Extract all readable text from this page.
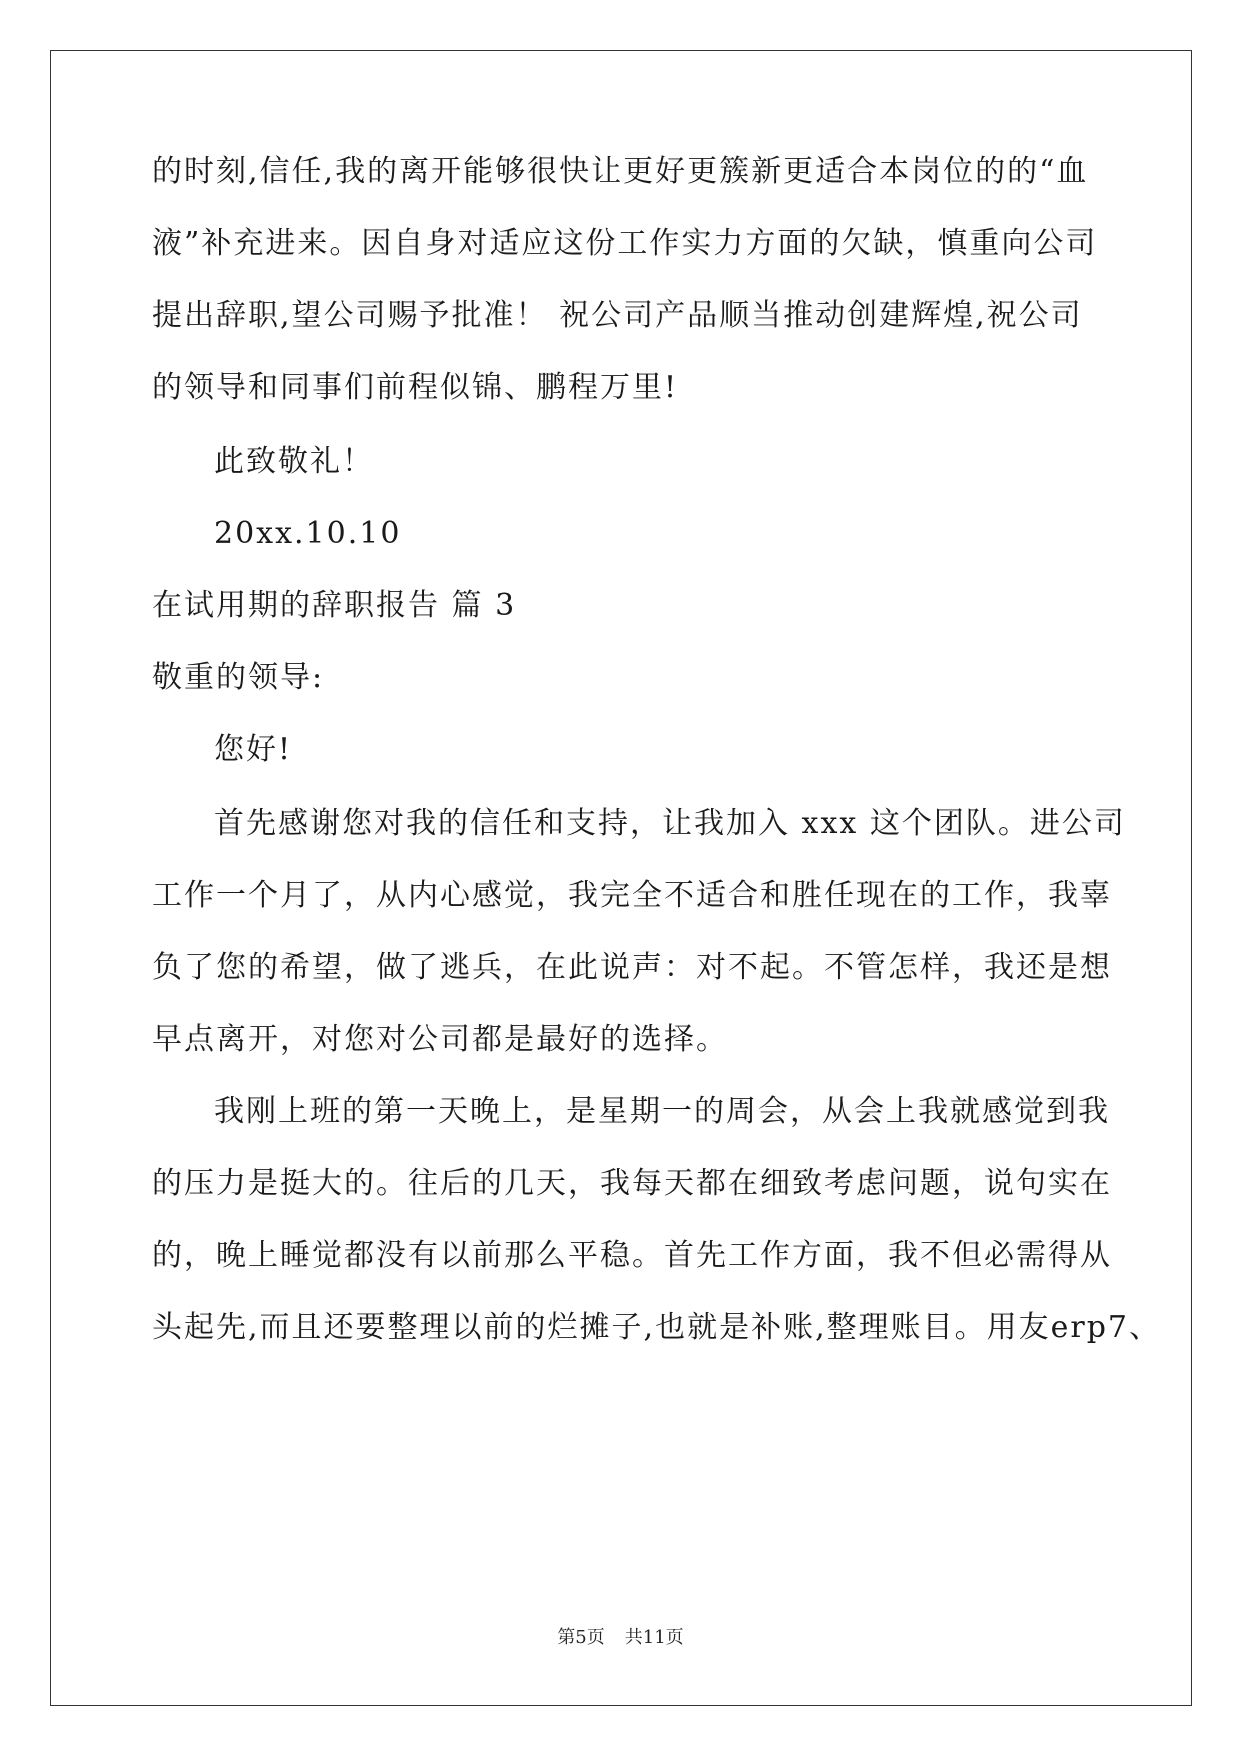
的时刻,信任,我的离开能够很快让更好更簇新更适合本岗位的的“血
液”补充进来。因自身对适应这份工作实力方面的欠缺，慎重向公司
提出辞职,望公司赐予批准！ 祝公司产品顺当推动创建辉煌,祝公司
的领导和同事们前程似锦、鹏程万里!
此致敬礼！
20xx.10.10
在试用期的辞职报告 篇 3
敬重的领导:
您好!
首先感谢您对我的信任和支持，让我加入 xxx 这个团队。进公司
工作一个月了，从内心感觉，我完全不适合和胜任现在的工作，我辜
负了您的希望，做了逃兵，在此说声：对不起。不管怎样，我还是想
早点离开，对您对公司都是最好的选择。
我刚上班的第一天晚上，是星期一的周会，从会上我就感觉到我
的压力是挺大的。往后的几天，我每天都在细致考虑问题，说句实在
的，晚上睡觉都没有以前那么平稳。首先工作方面，我不但必需得从
头起先,而且还要整理以前的烂摊子,也就是补账,整理账目。用友erp7、
第5页 共11页
